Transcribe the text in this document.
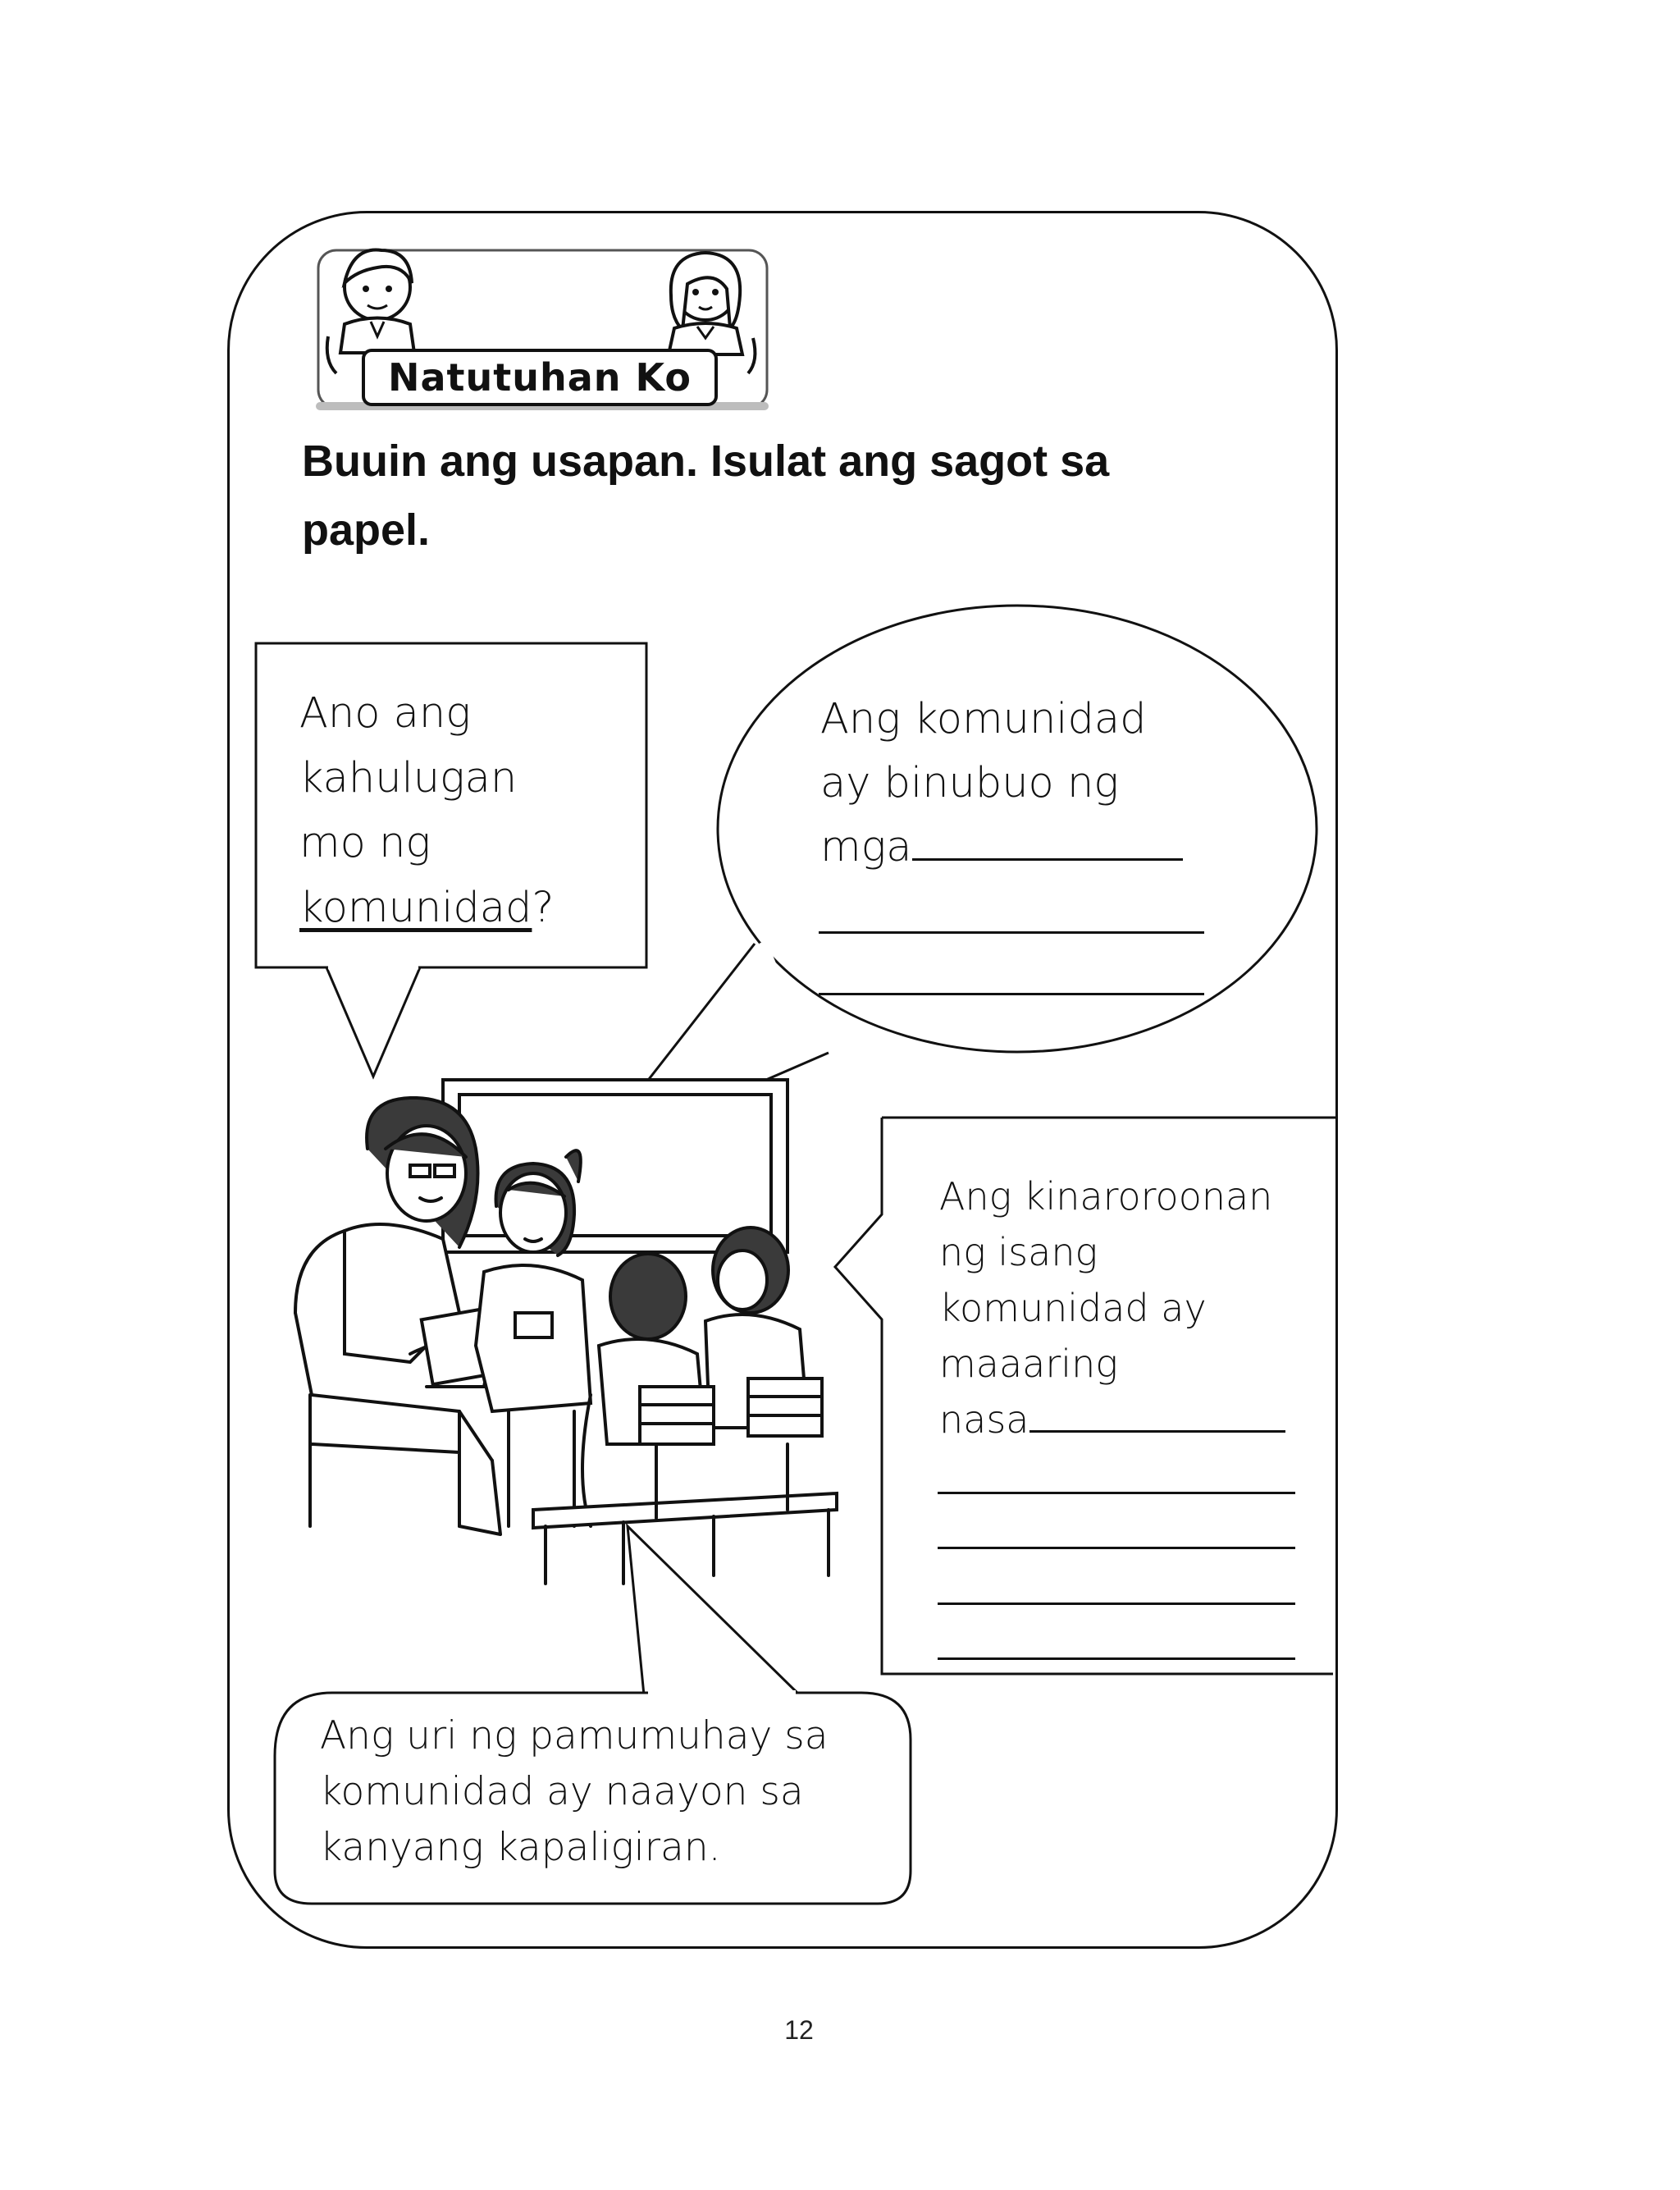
Natutuhan Ko
Buuin ang usapan. Isulat ang sagot sa
papel.
Ano ang
kahulugan
mo ng
komunidad?
Ang komunidad
ay binubuo ng
mga
Ang kinaroroonan
ng isang
komunidad ay
maaaring
nasa
Ang uri ng pamumuhay sa
komunidad ay naayon sa
kanyang kapaligiran.
12
